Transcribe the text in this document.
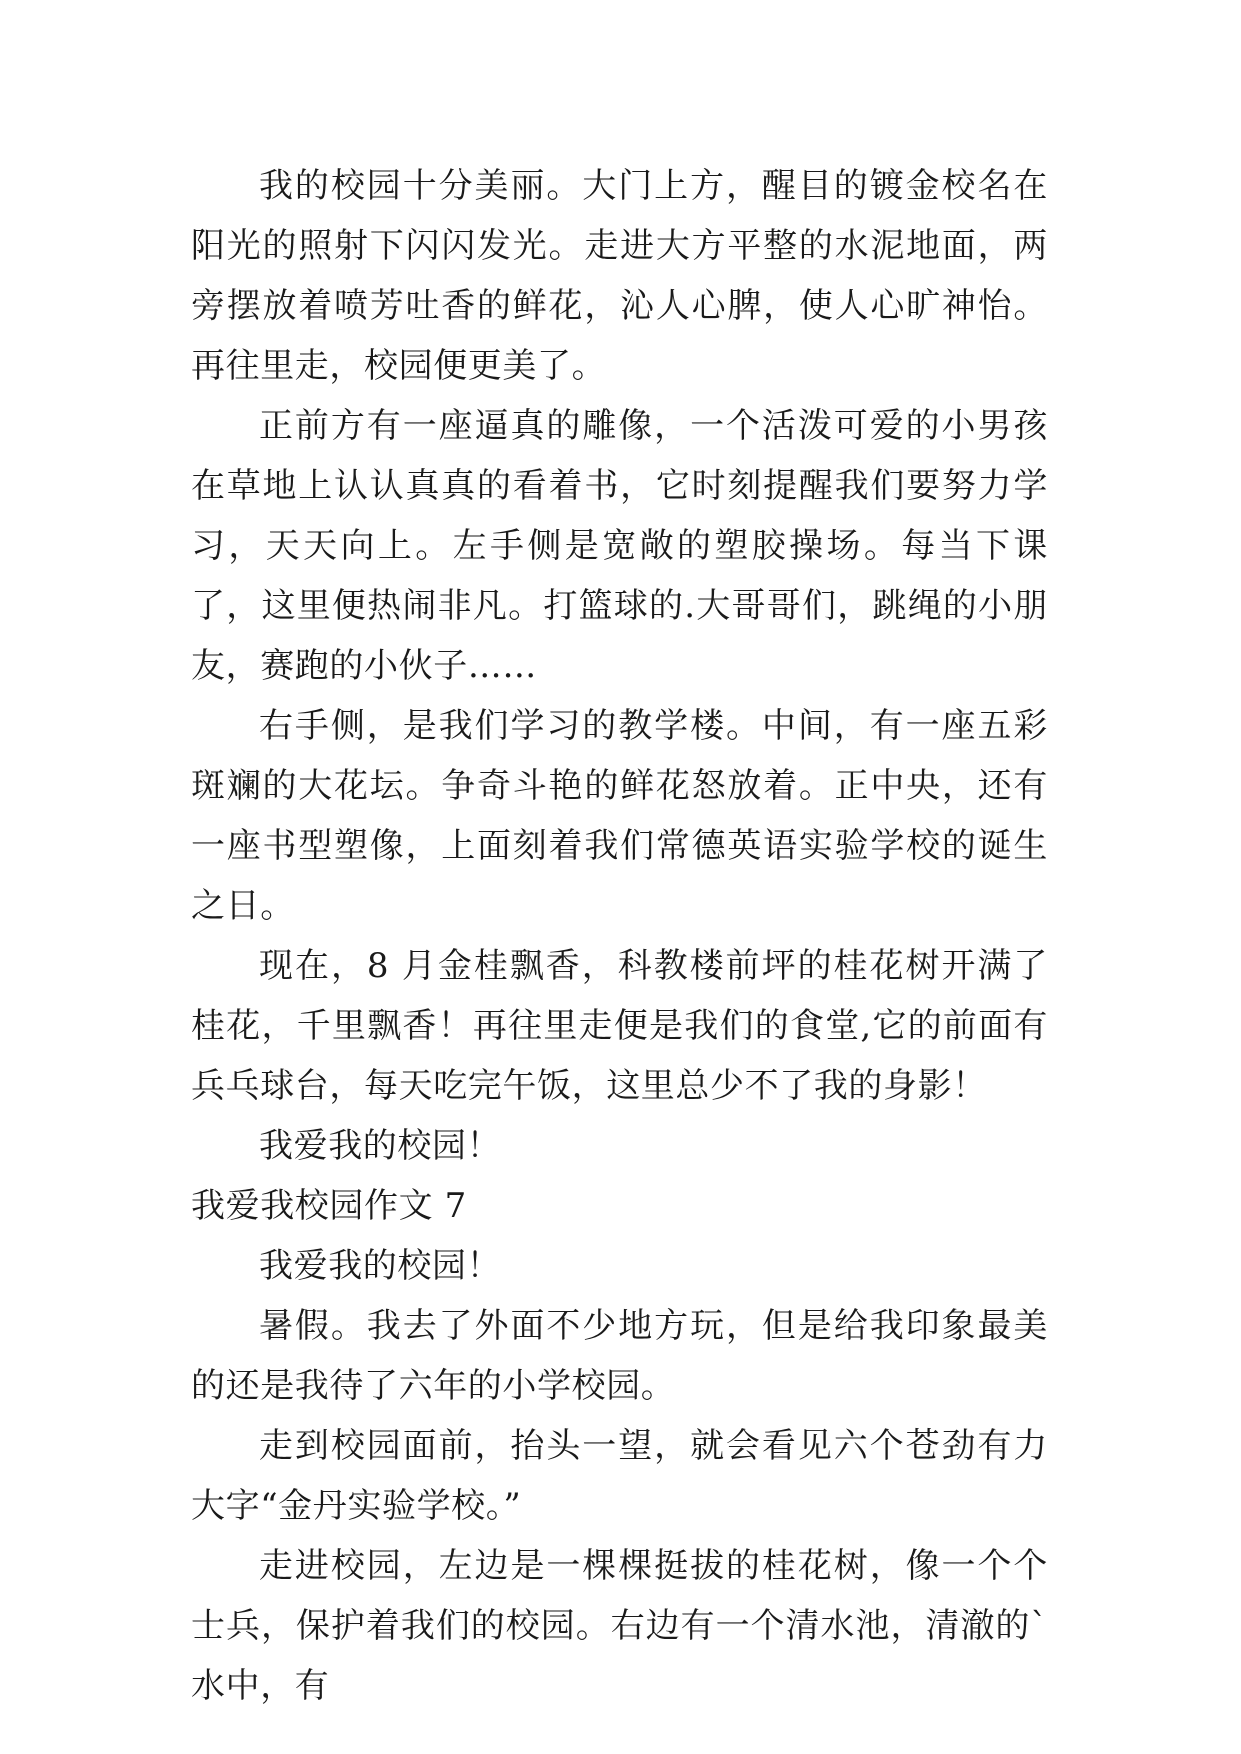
我的校园十分美丽。大门上方，醒目的镀金校名在阳光的照射下闪闪发光。走进大方平整的水泥地面，两旁摆放着喷芳吐香的鲜花，沁人心脾，使人心旷神怡。再往里走，校园便更美了。

正前方有一座逼真的雕像，一个活泼可爱的小男孩在草地上认认真真的看着书，它时刻提醒我们要努力学习，天天向上。左手侧是宽敞的塑胶操场。每当下课了，这里便热闹非凡。打篮球的.大哥哥们，跳绳的小朋友，赛跑的小伙子……

右手侧，是我们学习的教学楼。中间，有一座五彩斑斓的大花坛。争奇斗艳的鲜花怒放着。正中央，还有一座书型塑像，上面刻着我们常德英语实验学校的诞生之日。

现在，8 月金桂飘香，科教楼前坪的桂花树开满了桂花，千里飘香！再往里走便是我们的食堂,它的前面有兵乓球台，每天吃完午饭，这里总少不了我的身影！

我爱我的校园！

我爱我校园作文 7

我爱我的校园！

暑假。我去了外面不少地方玩，但是给我印象最美的还是我待了六年的小学校园。

走到校园面前，抬头一望，就会看见六个苍劲有力大字“金丹实验学校。”

走进校园，左边是一棵棵挺拔的桂花树，像一个个士兵，保护着我们的校园。右边有一个清水池，清澈的`水中，有
